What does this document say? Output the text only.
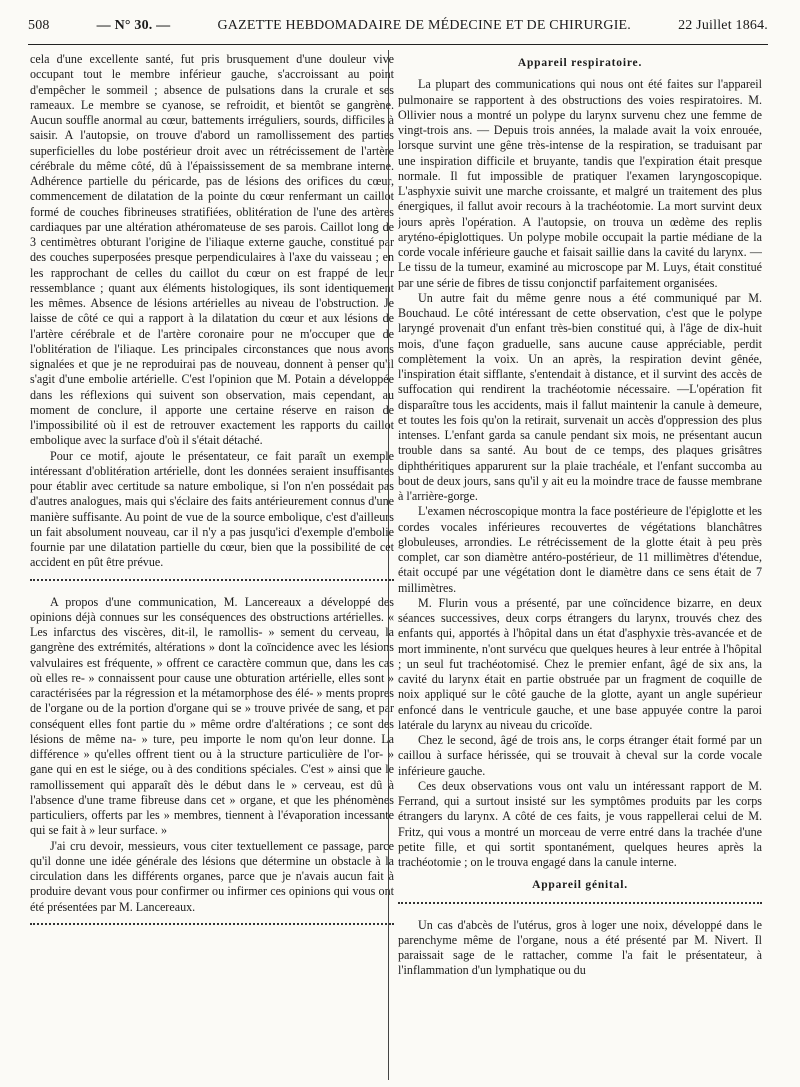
508	— N° 30. —	GAZETTE HEBDOMADAIRE DE MÉDECINE ET DE CHIRURGIE.	22 Juillet 1864.

cela d'une excellente santé, fut pris brusquement d'une douleur vive occupant tout le membre inférieur gauche, s'accroissant au point d'empêcher le sommeil ; absence de pulsations dans la crurale et ses rameaux. Le membre se cyanose, se refroidit, et bientôt se gangrène. Aucun souffle anormal au cœur, battements irréguliers, sourds, difficiles à saisir. A l'autopsie, on trouve d'abord un ramollissement des parties superficielles du lobe postérieur droit avec un rétrécissement de l'artère cérébrale du même côté, dû à l'épaississement de sa membrane interne. Adhérence partielle du péricarde, pas de lésions des orifices du cœur, commencement de dilatation de la pointe du cœur renfermant un caillot formé de couches fibrineuses stratifiées, oblitération de l'une des artères cardiaques par une altération athéromateuse de ses parois. Caillot long de 3 centimètres obturant l'origine de l'iliaque externe gauche, constitué par des couches superposées presque perpendiculaires à l'axe du vaisseau ; en les rapprochant de celles du caillot du cœur on est frappé de leur ressemblance ; quant aux éléments histologiques, ils sont identiquement les mêmes. Absence de lésions artérielles au niveau de l'obstruction. Je laisse de côté ce qui a rapport à la dilatation du cœur et aux lésions de l'artère cérébrale et de l'artère coronaire pour ne m'occuper que de l'oblitération de l'iliaque. Les principales circonstances que nous avons signalées et que je ne reproduirai pas de nouveau, donnent à penser qu'il s'agit d'une embolie artérielle. C'est l'opinion que M. Potain a développée dans les réflexions qui suivent son observation, mais cependant, au moment de conclure, il apporte une certaine réserve en raison de l'impossibilité où il est de retrouver exactement les rapports du caillot embolique avec la surface d'où il s'était détaché.

Pour ce motif, ajoute le présentateur, ce fait paraît un exemple intéressant d'oblitération artérielle, dont les données seraient insuffisantes pour établir avec certitude sa nature embolique, si l'on n'en possédait pas d'autres analogues, mais qui s'éclaire des faits antérieurement connus d'une manière suffisante. Au point de vue de la source embolique, c'est d'ailleurs un fait absolument nouveau, car il n'y a pas jusqu'ici d'exemple d'embolie fournie par une dilatation partielle du cœur, bien que la possibilité de cet accident en pût être prévue.

A propos d'une communication, M. Lancereaux a développé des opinions déjà connues sur les conséquences des obstructions artérielles. « Les infarctus des viscères, dit-il, le ramollis- » sement du cerveau, la gangrène des extrémités, altérations » dont la coïncidence avec les lésions valvulaires est fréquente, » offrent ce caractère commun que, dans les cas où elles re- » connaissent pour cause une obturation artérielle, elles sont » caractérisées par la régression et la métamorphose des élé- » ments propres de l'organe ou de la portion d'organe qui se » trouve privée de sang, et par conséquent elles font partie du » même ordre d'altérations ; ce sont des lésions de même na- » ture, peu importe le nom qu'on leur donne. La différence » qu'elles offrent tient ou à la structure particulière de l'or- » gane qui en est le siége, ou à des conditions spéciales. C'est » ainsi que le ramollissement qui apparaît dès le début dans le » cerveau, est dû à l'absence d'une trame fibreuse dans cet » organe, et que les phénomènes particuliers, offerts par les » membres, tiennent à l'évaporation incessante qui se fait à » leur surface. »

J'ai cru devoir, messieurs, vous citer textuellement ce passage, parce qu'il donne une idée générale des lésions que détermine un obstacle à la circulation dans les différents organes, parce que je n'avais aucun fait à produire devant vous pour confirmer ou infirmer ces opinions qui vous ont été présentées par M. Lancereaux.

Appareil respiratoire.

La plupart des communications qui nous ont été faites sur l'appareil pulmonaire se rapportent à des obstructions des voies respiratoires. M. Ollivier nous a montré un polype du larynx survenu chez une femme de vingt-trois ans. — Depuis trois années, la malade avait la voix enrouée, lorsque survint une gêne très-intense de la respiration, se traduisant par une inspiration difficile et bruyante, tandis que l'expiration était presque normale. Il fut impossible de pratiquer l'examen laryngoscopique. L'asphyxie suivit une marche croissante, et malgré un traitement des plus énergiques, il fallut avoir recours à la trachéotomie. La mort survint deux jours après l'opération. A l'autopsie, on trouva un œdème des replis aryténo-épiglottiques. Un polype mobile occupait la partie médiane de la corde vocale inférieure gauche et faisait saillie dans la cavité du larynx. — Le tissu de la tumeur, examiné au microscope par M. Luys, était constitué par une série de fibres de tissu conjonctif parfaitement organisées.

Un autre fait du même genre nous a été communiqué par M. Bouchaud. Le côté intéressant de cette observation, c'est que le polype laryngé provenait d'un enfant très-bien constitué qui, à l'âge de dix-huit mois, d'une façon graduelle, sans aucune cause appréciable, perdit complètement la voix. Un an après, la respiration devint gênée, l'inspiration était sifflante, s'entendait à distance, et il survint des accès de suffocation qui rendirent la trachéotomie nécessaire. —L'opération fit disparaître tous les accidents, mais il fallut maintenir la canule à demeure, et toutes les fois qu'on la retirait, survenait un accès d'oppression des plus intenses. L'enfant garda sa canule pendant six mois, ne présentant aucun trouble dans sa santé. Au bout de ce temps, des plaques grisâtres diphthéritiques apparurent sur la plaie trachéale, et l'enfant succomba au bout de deux jours, sans qu'il y ait eu la moindre trace de fausse membrane à l'arrière-gorge.

L'examen nécroscopique montra la face postérieure de l'épiglotte et les cordes vocales inférieures recouvertes de végétations blanchâtres globuleuses, arrondies. Le rétrécissement de la glotte était à peu près complet, car son diamètre antéro-postérieur, de 11 millimètres d'étendue, était occupé par une végétation dont le diamètre dans ce sens était de 7 millimètres.

M. Flurin vous a présenté, par une coïncidence bizarre, en deux séances successives, deux corps étrangers du larynx, trouvés chez des enfants qui, apportés à l'hôpital dans un état d'asphyxie très-avancée et de mort imminente, n'ont survécu que quelques heures à leur entrée à l'hôpital ; un seul fut trachéotomisé. Chez le premier enfant, âgé de six ans, la cavité du larynx était en partie obstruée par un fragment de coquille de noix appliqué sur le côté gauche de la glotte, ayant un angle supérieur enfoncé dans le ventricule gauche, et une base appuyée contre la paroi latérale du larynx au niveau du cricoïde.

Chez le second, âgé de trois ans, le corps étranger était formé par un caillou à surface hérissée, qui se trouvait à cheval sur la corde vocale inférieure gauche.

Ces deux observations vous ont valu un intéressant rapport de M. Ferrand, qui a surtout insisté sur les symptômes produits par les corps étrangers du larynx. A côté de ces faits, je vous rappellerai celui de M. Fritz, qui vous a montré un morceau de verre entré dans la trachée d'une petite fille, et qui sortit spontanément, quelques heures après la trachéotomie ; on le trouva engagé dans la canule interne.

Appareil génital.

Un cas d'abcès de l'utérus, gros à loger une noix, développé dans le parenchyme même de l'organe, nous a été présenté par M. Nivert. Il paraissait sage de le rattacher, comme l'a fait le présentateur, à l'inflammation d'un lymphatique ou du
